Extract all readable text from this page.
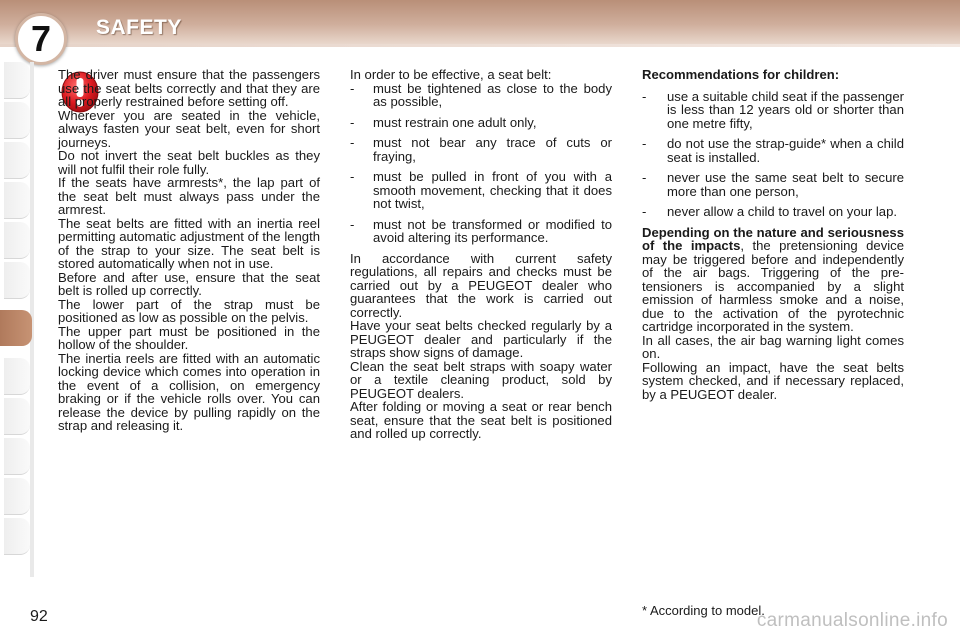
7 SAFETY

The driver must ensure that the passengers use the seat belts correctly and that they are all properly restrained before setting off.

Wherever you are seated in the vehicle, always fasten your seat belt, even for short journeys.

Do not invert the seat belt buckles as they will not fulfil their role fully.

If the seats have armrests*, the lap part of the seat belt must always pass under the armrest.

The seat belts are fitted with an inertia reel permitting automatic adjustment of the length of the strap to your size. The seat belt is stored automatically when not in use.

Before and after use, ensure that the seat belt is rolled up correctly.

The lower part of the strap must be positioned as low as possible on the pelvis.

The upper part must be positioned in the hollow of the shoulder.

The inertia reels are fitted with an automatic locking device which comes into operation in the event of a collision, on emergency braking or if the vehicle rolls over. You can release the device by pulling rapidly on the strap and releasing it.

In order to be effective, a seat belt:

- must be tightened as close to the body as possible,
- must restrain one adult only,
- must not bear any trace of cuts or fraying,
- must be pulled in front of you with a smooth movement, checking that it does not twist,
- must not be transformed or modified to avoid altering its performance.

In accordance with current safety regulations, all repairs and checks must be carried out by a PEUGEOT dealer who guarantees that the work is carried out correctly.

Have your seat belts checked regularly by a PEUGEOT dealer and particularly if the straps show signs of damage.

Clean the seat belt straps with soapy water or a textile cleaning product, sold by PEUGEOT dealers.

After folding or moving a seat or rear bench seat, ensure that the seat belt is positioned and rolled up correctly.

Recommendations for children:

- use a suitable child seat if the passenger is less than 12 years old or shorter than one metre fifty,
- do not use the strap-guide* when a child seat is installed.
- never use the same seat belt to secure more than one person,
- never allow a child to travel on your lap.

Depending on the nature and seriousness of the impacts, the pretensioning device may be triggered before and independently of the air bags. Triggering of the pre-tensioners is accompanied by a slight emission of harmless smoke and a noise, due to the activation of the pyrotechnic cartridge incorporated in the system.

In all cases, the air bag warning light comes on.

Following an impact, have the seat belts system checked, and if necessary replaced, by a PEUGEOT dealer.

* According to model.
92	carmanualsonline.info
